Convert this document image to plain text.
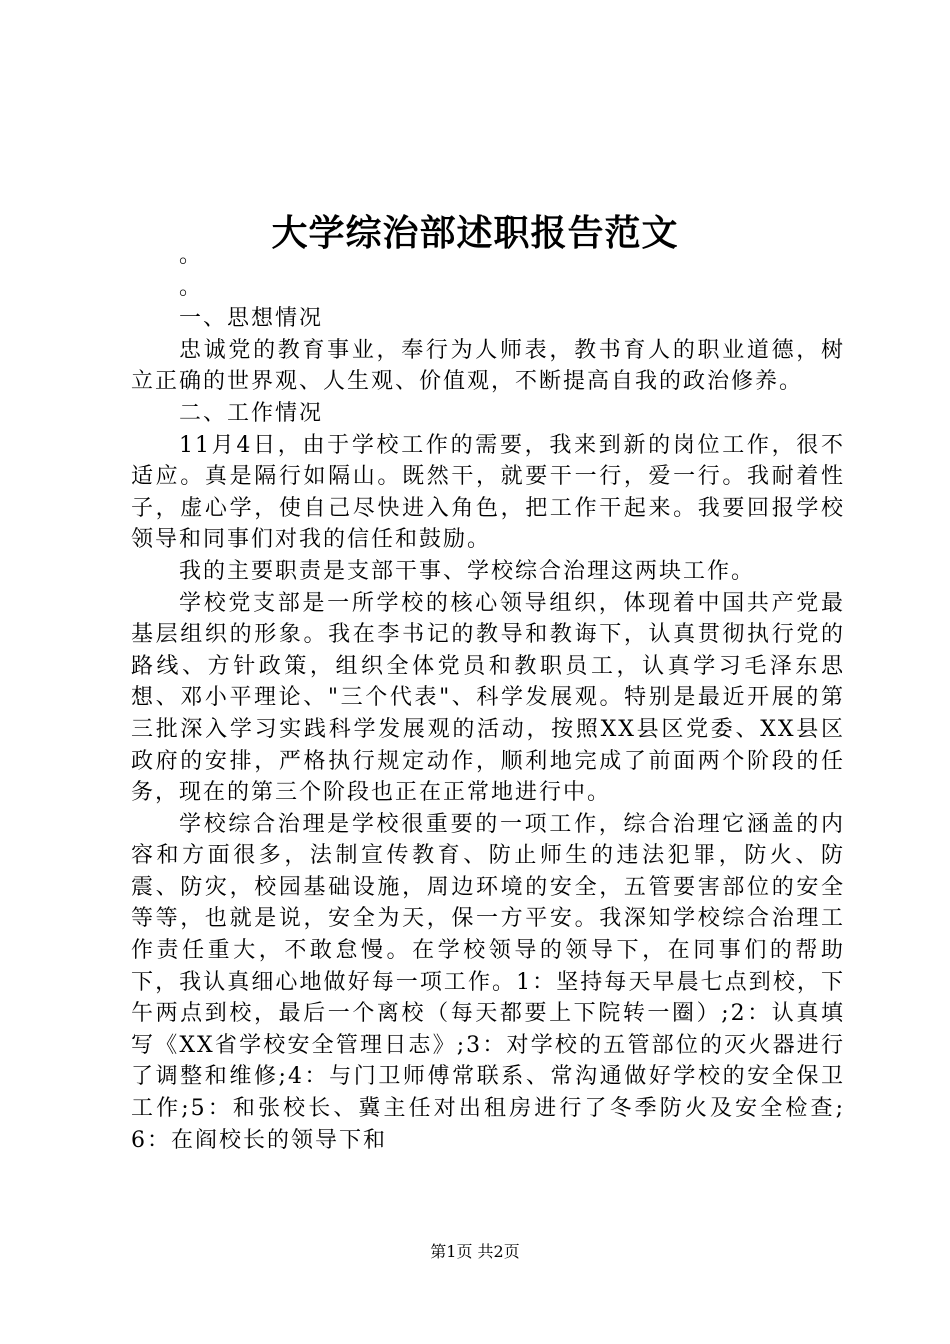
大学综治部述职报告范文

。

。

一、思想情况

忠诚党的教育事业，奉行为人师表，教书育人的职业道德，树立正确的世界观、人生观、价值观，不断提高自我的政治修养。

二、工作情况

11月4日，由于学校工作的需要，我来到新的岗位工作，很不适应。真是隔行如隔山。既然干，就要干一行，爱一行。我耐着性子，虚心学，使自己尽快进入角色，把工作干起来。我要回报学校领导和同事们对我的信任和鼓励。

我的主要职责是支部干事、学校综合治理这两块工作。

学校党支部是一所学校的核心领导组织，体现着中国共产党最基层组织的形象。我在李书记的教导和教诲下，认真贯彻执行党的路线、方针政策，组织全体党员和教职员工，认真学习毛泽东思想、邓小平理论、"三个代表"、科学发展观。特别是最近开展的第三批深入学习实践科学发展观的活动，按照XX县区党委、XX县区政府的安排，严格执行规定动作，顺利地完成了前面两个阶段的任务，现在的第三个阶段也正在正常地进行中。

学校综合治理是学校很重要的一项工作，综合治理它涵盖的内容和方面很多，法制宣传教育、防止师生的违法犯罪，防火、防震、防灾，校园基础设施，周边环境的安全，五管要害部位的安全等等，也就是说，安全为天，保一方平安。我深知学校综合治理工作责任重大，不敢怠慢。在学校领导的领导下，在同事们的帮助下，我认真细心地做好每一项工作。1：坚持每天早晨七点到校，下午两点到校，最后一个离校（每天都要上下院转一圈）;2：认真填写《XX省学校安全管理日志》;3：对学校的五管部位的灭火器进行了调整和维修;4：与门卫师傅常联系、常沟通做好学校的安全保卫工作;5：和张校长、冀主任对出租房进行了冬季防火及安全检查;6：在阎校长的领导下和

第1页 共2页
